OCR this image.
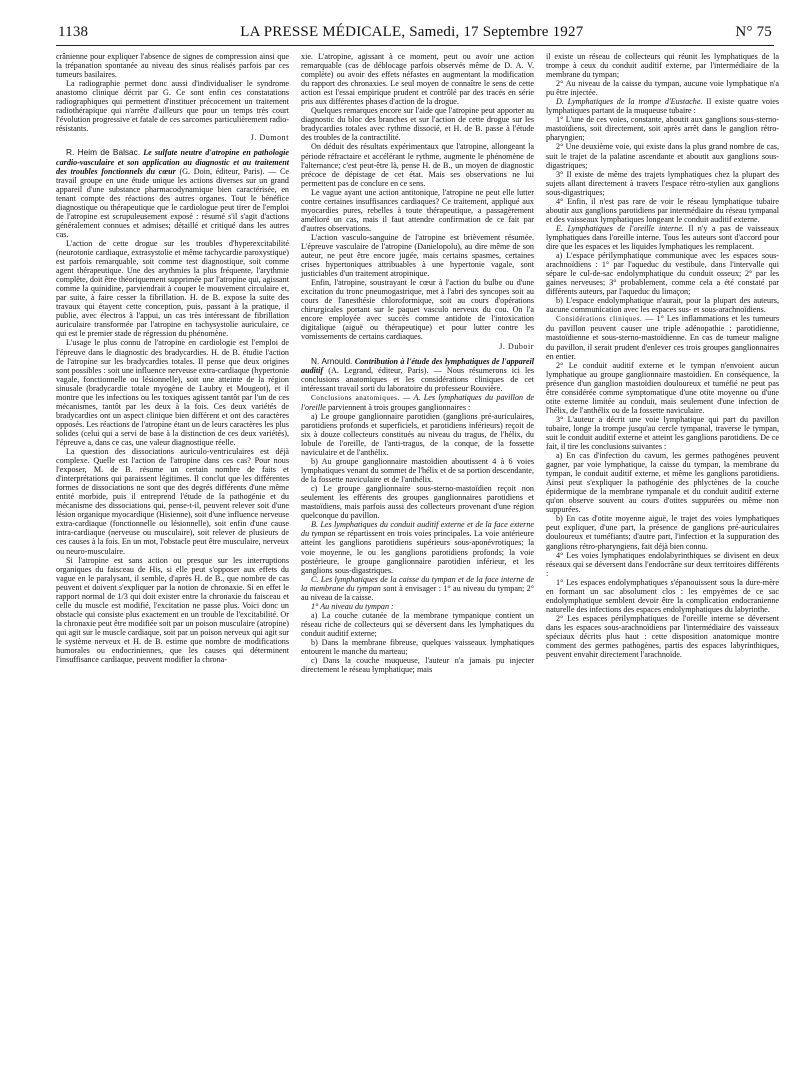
1138	LA PRESSE MÉDICALE, Samedi, 17 Septembre 1927	N° 75

crânienne pour expliquer l'absence de signes de compression ainsi que la trépanation spontanée au niveau des sinus réalisés parfois par ces tumeurs basilaires.

La radiographie permet donc aussi d'individualiser le syndrome anastomo clinique décrit par G. Ce sont enfin ces constatations radiographiques qui permettent d'instituer précocement un traitement radiothérapique qui n'arrête d'ailleurs que pour un temps très court l'évolution progressive et fatale de ces sarcomes particulièrement radio-résistants.

J. Dumont

R. Heim de Balsac. Le sulfate neutre d'atropine en pathologie cardio-vasculaire et son application au diagnostic et au traitement des troubles fonctionnels du cœur (G. Doin, éditeur, Paris). — Ce travail groupe en une étude unique les actions diverses sur un grand appareil d'une substance pharmacodynamique bien caractérisée, en tenant compte des réactions des autres organes. Tout le bénéfice diagnostique ou thérapeutique que le cardiologue peut tirer de l'emploi de l'atropine est scrupuleusement exposé : résumé s'il s'agit d'actions généralement connues et admises; détaillé et critiqué dans les autres cas.

L'action de cette drogue sur les troubles d'hyperexcitabilité (neurotonie cardiaque, extrasystolie et même tachycardie paroxystique) est parfois remarquable, soit comme test diagnostique, soit comme agent thérapeutique. Une des arythmies la plus fréquente, l'arythmie complète, doit être théoriquement supprimée par l'atropine qui, agissant comme la quinidine, parviendrait à couper le mouvement circulaire et, par suite, à faire cesser la fibrillation. H. de B. expose la suite des travaux qui étayent cette conception, puis, passant à la pratique, il publie, avec électros à l'appui, un cas très intéressant de fibrillation auriculaire transformée par l'atropine en tachysystolie auriculaire, ce qui est le premier stade de régression du phénomène.

L'usage le plus connu de l'atropine en cardiologie est l'emploi de l'épreuve dans le diagnostic des bradycardies. H. de B. étudie l'action de l'atropine sur les bradycardies totales. Il pense que deux origines sont possibles : soit une influence nerveuse extra-cardiaque (hypertonie vagale, fonctionnelle ou lésionnelle), soit une atteinte de la région sinusale (bradycardie totale myogène de Laubry et Mougeot), et il montre que les infections ou les toxiques agissent tantôt par l'un de ces mécanismes, tantôt par les deux à la fois. Ces deux variétés de bradycardies ont un aspect clinique bien différent et ont des caractères opposés. Les réactions de l'atropine étant un de leurs caractères les plus solides (celui qui a servi de base à la distinction de ces deux variétés), l'épreuve a, dans ce cas, une valeur diagnostique réelle.

La question des dissociations auriculo-ventriculaires est déjà complexe. Quelle est l'action de l'atropine dans ces cas? Pour nous l'exposer, M. de B. résume un certain nombre de faits et d'interprétations qui paraissent légitimes. Il conclut que les différentes formes de dissociations ne sont que des degrés différents d'une même entité morbide, puis il entreprend l'étude de la pathogénie et du mécanisme des dissociations qui, pense-t-il, peuvent relever soit d'une lésion organique myocardique (Hisienne), soit d'une influence nerveuse extra-cardiaque (fonctionnelle ou lésionnelle), soit enfin d'une cause intra-cardiaque (nerveuse ou musculaire), soit relever de plusieurs de ces causes à la fois. En un mot, l'obstacle peut être musculaire, nerveux ou neuro-musculaire.

Si l'atropine est sans action ou presque sur les interruptions organiques du faisceau de His, si elle peut s'opposer aux effets du vague en le paralysant, il semble, d'après H. de B., que nombre de cas peuvent et doivent s'expliquer par la notion de chronaxie. Si en effet le rapport normal de 1/3 qui doit exister entre la chronaxie du faisceau et celle du muscle est modifié, l'excitation ne passe plus. Voici donc un obstacle qui consiste plus exactement en un trouble de l'excitabilité. Or la chronaxie peut être modifiée soit par un poison musculaire (atropine) qui agit sur le muscle cardiaque, soit par un poison nerveux qui agit sur le système nerveux et H. de B. estime que nombre de modifications humorales ou endocriniennes, que les causes qui déterminent l'insuffisance cardiaque, peuvent modifier la chrona-

xie. L'atropine, agissant à ce moment, peut ou avoir une action remarquable (cas de déblocage parfois observés même de D. A. V. complète) ou avoir des effets néfastes en augmentant la modification du rapport des chronaxies. Le seul moyen de connaître le sens de cette action est l'essai empirique prudent et contrôlé par des tracés en série pris aux différentes phases d'action de la drogue.

Quelques remarques encore sur l'aide que l'atropine peut apporter au diagnostic du bloc des branches et sur l'action de cette drogue sur les bradycardies totales avec rythme dissocié, et H. de B. passe à l'étude des troubles de la contractilité.

On déduit des résultats expérimentaux que l'atropine, allongeant la période réfractaire et accélérant le rythme, augmente le phénomène de l'alternance; c'est peut-être là, pense H. de B., un moyen de diagnostic précoce de dépistage de cet état. Mais ses observations ne lui permettent pas de conclure en ce sens.

Le vague ayant une action antitonique, l'atropine ne peut elle lutter contre certaines insuffisances cardiaques? Ce traitement, appliqué aux myocardies pures, rebelles à toute thérapeutique, a passagèrement amélioré un cas, mais il faut attendre confirmation de ce fait par d'autres observations.

L'action vasculo-sanguine de l'atropine est brièvement résumée. L'épreuve vasculaire de l'atropine (Danielopolu), au dire même de son auteur, ne peut être encore jugée, mais certains spasmes, certaines crises hypertoniques attribuables à une hypertonie vagale, sont justiciables d'un traitement atropinique.

Enfin, l'atropine, soustrayant le cœur à l'action du bulbe ou d'une excitation du tronc pneumogastrique, met à l'abri des syncopes soit au cours de l'anesthésie chloroformique, soit au cours d'opérations chirurgicales portant sur le paquet vasculo nerveux du cou. On l'a encore employée avec succès comme antidote de l'intoxication digitalique (aiguë ou thérapeutique) et pour lutter contre les vomissements de certains cardiaques.

J. Duboir

N. Arnould. Contribution à l'étude des lymphatiques de l'appareil auditif (A. Legrand, éditeur, Paris). — Nous résumerons ici les conclusions anatomiques et les considérations cliniques de cet intéressant travail sorti du laboratoire du professeur Rouvière.

Conclusions anatomiques. — A. Les lymphatiques du pavillon de l'oreille parviennent à trois groupes ganglionnaires :

a) Le groupe ganglionnaire parotidien (ganglions pré-auriculaires, parotidiens profonds et superficiels, et parotidiens inférieurs) reçoit de six à douze collecteurs constitués au niveau du tragus, de l'hélix, du lobule de l'oreille, de l'anti-tragus, de la conque, de la fossette naviculaire et de l'anthélix.

b) Au groupe ganglionnaire mastoïdien aboutissent 4 à 6 voies lymphatiques venant du sommet de l'hélix et de sa portion descendante, de la fossette naviculaire et de l'anthélix.

c) Le groupe ganglionnaire sous-sterno-mastoïdien reçoit non seulement les efférents des groupes ganglionnaires parotidiens et mastoïdiens, mais parfois aussi des collecteurs provenant d'une région quelconque du pavillon.

B. Les lymphatiques du conduit auditif externe et de la face externe du tympan se répartissent en trois voies principales. La voie antérieure atteint les ganglions parotidiens supérieurs sous-aponévrotiques; la voie moyenne, le ou les ganglions parotidiens profonds; la voie postérieure, le groupe ganglionnaire parotidien inférieur, et les ganglions sous-digastriques.

C. Les lymphatiques de la caisse du tympan et de la face interne de la membrane du tympan sont à envisager : 1° au niveau du tympan; 2° au niveau de la caisse.

1° Au niveau du tympan :

a) La couche cutanée de la membrane tympanique contient un réseau riche de collecteurs qui se déversent dans les lymphatiques du conduit auditif externe;

b) Dans la membrane fibreuse, quelques vaisseaux lymphatiques entourent le manche du marteau;

c) Dans la couche muqueuse, l'auteur n'a jamais pu injecter directement le réseau lymphatique; mais

il existe un réseau de collecteurs qui réunit les lymphatiques de la trompe à ceux du conduit auditif externe, par l'intermédiaire de la membrane du tympan;

2° Au niveau de la caisse du tympan, aucune voie lymphatique n'a pu être injectée.

D. Lymphatiques de la trompe d'Eustache. Il existe quatre voies lymphatiques partant de la muqueuse tubaire :

1° L'une de ces voies, constante, aboutit aux ganglions sous-sterno-mastoïdiens, soit directement, soit après arrêt dans le ganglion rétro-pharyngien;

2° Une deuxième voie, qui existe dans la plus grand nombre de cas, suit le trajet de la palatine ascendante et aboutit aux ganglions sous-digastriques;

3° Il existe de même des trajets lymphatiques chez la plupart des sujets allant directement à travers l'espace rétro-stylien aux ganglions sous-digastriques;

4° Enfin, il n'est pas rare de voir le réseau lymphatique tubaire aboutir aux ganglions parotidiens par intermédiaire du réseau tympanal et des vaisseaux lymphatiques longeant le conduit auditif externe.

E. Lymphatiques de l'oreille interne. Il n'y a pas de vaisseaux lymphatiques dans l'oreille interne. Tous les auteurs sont d'accord pour dire que les espaces et les liquides lymphatiques les remplacent.

a) L'espace périlymphatique communique avec les espaces sous-arachnoïdiens : 1° par l'aqueduc du vestibule, dans l'intervalle qui sépare le cul-de-sac endolymphatique du conduit osseux; 2° par les gaines nerveuses; 3° probablement, comme cela a été constaté par différents auteurs, par l'aqueduc du limaçon;

b) L'espace endolymphatique n'aurait, pour la plupart des auteurs, aucune communication avec les espaces sus- et sous-arachnoïdiens.

Considérations cliniques. — 1° Les inflammations et les tumeurs du pavillon peuvent causer une triple adénopathie : parotidienne, mastoïdienne et sous-sterno-mastoïdienne. En cas de tumeur maligne du pavillon, il serait prudent d'enlever ces trois groupes ganglionnaires en entier.

2° Le conduit auditif externe et le tympan n'envoient aucun lymphatique au groupe ganglionnaire mastoïdien. En conséquence, la présence d'un ganglion mastoïdien douloureux et tuméfié ne peut pas être considérée comme symptomatique d'une otite moyenne ou d'une otite externe limitée au conduit, mais seulement d'une infection de l'hélix, de l'anthélix ou de la fossette naviculaire.

3° L'auteur a décrit une voie lymphatique qui part du pavillon tubaire, longe la trompe jusqu'au cercle tympanal, traverse le tympan, suit le conduit auditif externe et atteint les ganglions parotidiens. De ce fait, il tire les conclusions suivantes :

a) En cas d'infection du cavum, les germes pathogènes peuvent gagner, par voie lymphatique, la caisse du tympan, la membrane du tympan, le conduit auditif externe, et même les ganglions parotidiens. Ainsi peut s'expliquer la pathogénie des phlyctènes de la couche épidermique de la membrane tympanale et du conduit auditif externe qu'on observe souvent au cours d'otites suppurées ou même non suppurées.

b) En cas d'otite moyenne aiguë, le trajet des voies lymphatiques peut expliquer, d'une part, la présence de ganglions pré-auriculaires douloureux et tuméfiants; d'autre part, l'infection et la suppuration des ganglions rétro-pharyngiens, fait déjà bien connu.

4° Les voies lymphatiques endolabyrinthiques se divisent en deux réseaux qui se déversent dans l'endocrâne sur deux territoires différents :

1° Les espaces endolymphatiques s'épanouissent sous la dure-mère en formant un sac absolument clos : les empyèmes de ce sac endolymphatique semblent devoir être la complication endocranienne naturelle des infections des espaces endolymphatiques du labyrinthe.

2° Les espaces périlymphatiques de l'oreille interne se déversent dans les espaces sous-arachnoïdiens par l'intermédiaire des vaisseaux spéciaux décrits plus haut : cette disposition anatomique montre comment des germes pathogènes, partis des espaces labyrinthiques, peuvent envahir directement l'arachnoïde.
